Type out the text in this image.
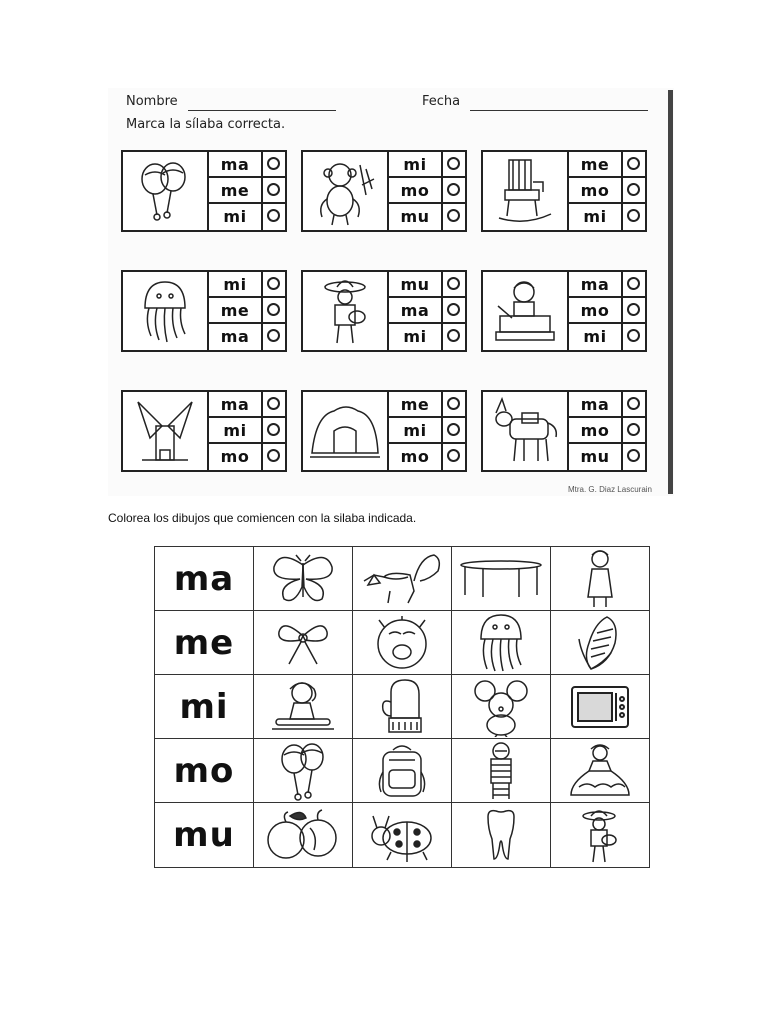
Nombre	Fecha
Marca la sílaba correcta.
ma
me
mi
mi
mo
mu
me
mo
mi
mi
me
ma
mu
ma
mi
ma
mo
mi
ma
mi
mo
me
mi
mo
ma
mo
mu
Mtra. G. Diaz Lascurain
Colorea los dibujos que comiencen con la silaba indicada.
ma
me
mi
mo
mu
